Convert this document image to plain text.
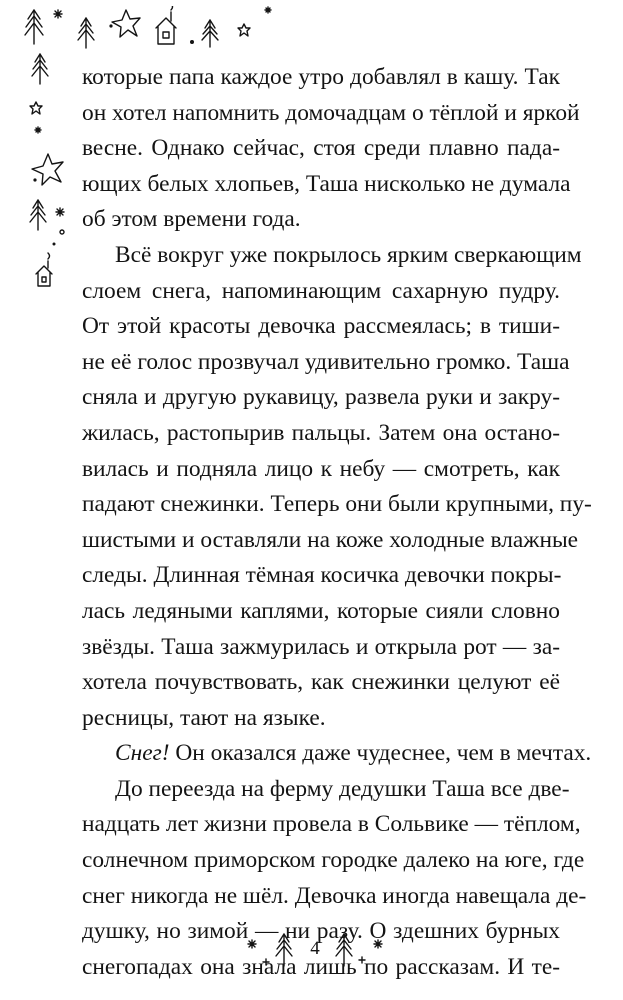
которые папа каждое утро добавлял в кашу. Так
он хотел напомнить домочадцам о тёплой и яркой
весне. Однако сейчас, стоя среди плавно пада-
ющих белых хлопьев, Таша нисколько не думала
об этом времени года.
Всё вокруг уже покрылось ярким сверкающим
слоем снега, напоминающим сахарную пудру.
От этой красоты девочка рассмеялась; в тиши-
не её голос прозвучал удивительно громко. Таша
сняла и другую рукавицу, развела руки и закру-
жилась, растопырив пальцы. Затем она остано-
вилась и подняла лицо к небу — смотреть, как
падают снежинки. Теперь они были крупными, пу-
шистыми и оставляли на коже холодные влажные
следы. Длинная тёмная косичка девочки покры-
лась ледяными каплями, которые сияли словно
звёзды. Таша зажмурилась и открыла рот — за-
хотела почувствовать, как снежинки целуют её
ресницы, тают на языке.
Снег! Он оказался даже чудеснее, чем в мечтах.
До переезда на ферму дедушки Таша все две-
надцать лет жизни провела в Сольвике — тёплом,
солнечном приморском городке далеко на юге, где
снег никогда не шёл. Девочка иногда навещала де-
душку, но зимой — ни разу. О здешних бурных
снегопадах она знала лишь по рассказам. И те-
4
